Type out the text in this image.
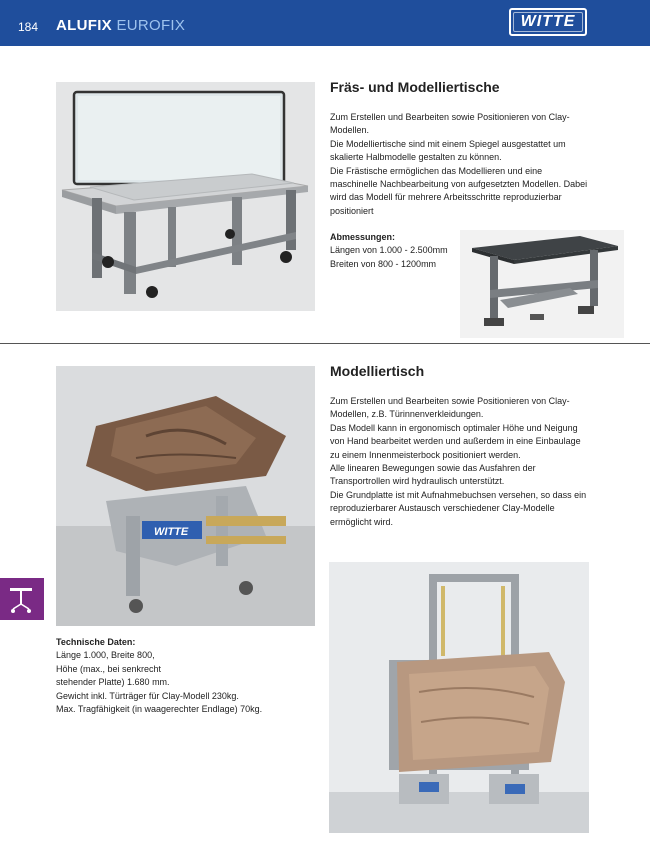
184 ALUFIX EUROFIX	WITTE
Fräs- und Modelliertische

Zum Erstellen und Bearbeiten sowie Positionieren von Clay-Modellen.

Die Modelliertische sind mit einem Spiegel ausgestattet um skalierte Halbmodelle gestalten zu können.

Die Frästische ermöglichen das Modellieren und eine maschinelle Nachbearbeitung von aufgesetzten Modellen. Dabei wird das Modell für mehrere Arbeitsschritte reproduzierbar positioniert

Abmessungen:

Längen von 1.000 - 2.500mm

Breiten von 800 - 1200mm

WITTE
Modelliertisch

Zum Erstellen und Bearbeiten sowie Positionieren von Clay-Modellen, z.B. Türinnenverkleidungen.

Das Modell kann in ergonomisch optimaler Höhe und Neigung von Hand bearbeitet werden und außerdem in eine Einbaulage zu einem Innenmeisterbock positioniert werden.

Alle linearen Bewegungen sowie das Ausfahren der Transportrollen wird hydraulisch unterstützt.

Die Grundplatte ist mit Aufnahmebuchsen versehen, so dass ein reproduzierbarer Austausch verschiedener Clay-Modelle ermöglicht wird.

Technische Daten:

Länge 1.000, Breite 800,

Höhe (max., bei senkrecht

stehender Platte) 1.680 mm.

Gewicht inkl. Türträger für Clay-Modell 230kg.

Max. Tragfähigkeit (in waagerechter Endlage) 70kg.
